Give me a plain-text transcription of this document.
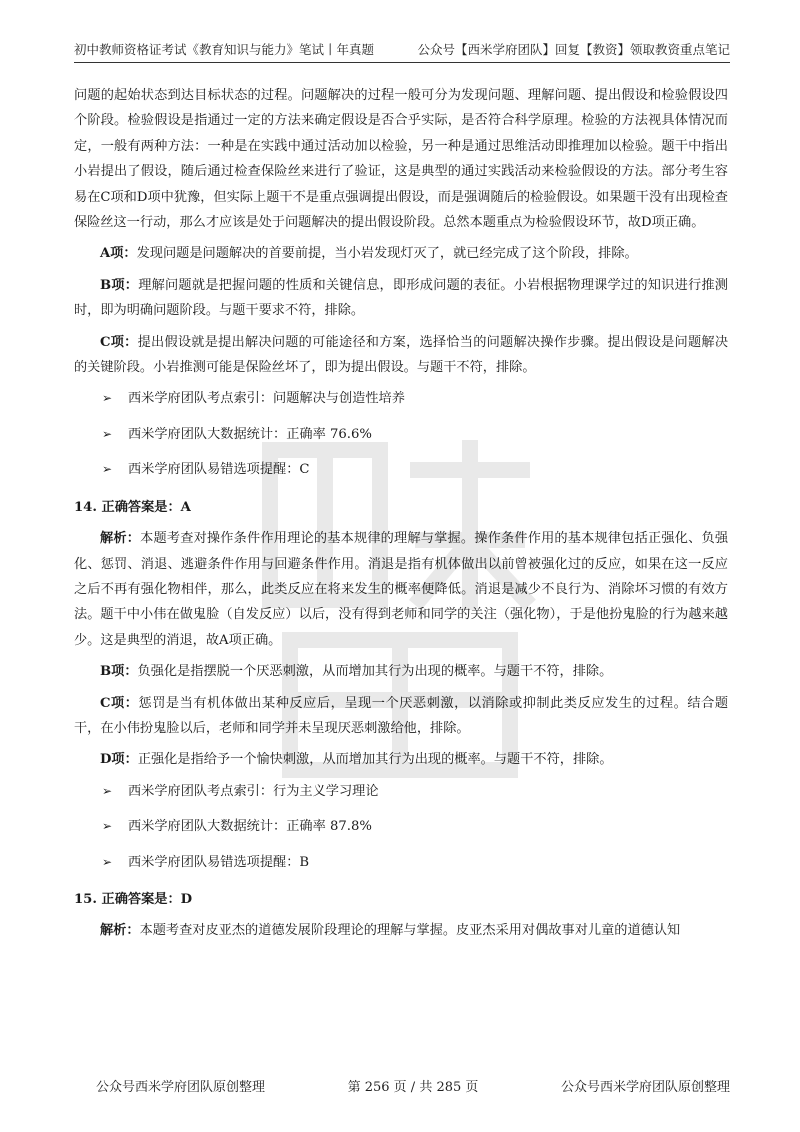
初中教师资格证考试《教育知识与能力》笔试丨年真题	公众号【西米学府团队】回复【教资】领取教资重点笔记

问题的起始状态到达目标状态的过程。问题解决的过程一般可分为发现问题、理解问题、提出假设和检验假设四个阶段。检验假设是指通过一定的方法来确定假设是否合乎实际，是否符合科学原理。检验的方法视具体情况而定，一般有两种方法：一种是在实践中通过活动加以检验，另一种是通过思维活动即推理加以检验。题干中指出小岩提出了假设，随后通过检查保险丝来进行了验证，这是典型的通过实践活动来检验假设的方法。部分考生容易在C项和D项中犹豫，但实际上题干不是重点强调提出假设，而是强调随后的检验假设。如果题干没有出现检查保险丝这一行动，那么才应该是处于问题解决的提出假设阶段。总然本题重点为检验假设环节，故D项正确。

A项：发现问题是问题解决的首要前提，当小岩发现灯灭了，就已经完成了这个阶段，排除。

B项：理解问题就是把握问题的性质和关键信息，即形成问题的表征。小岩根据物理课学过的知识进行推测时，即为明确问题阶段。与题干要求不符，排除。

C项：提出假设就是提出解决问题的可能途径和方案，选择恰当的问题解决操作步骤。提出假设是问题解决的关键阶段。小岩推测可能是保险丝坏了，即为提出假设。与题干不符，排除。

➢	西米学府团队考点索引：问题解决与创造性培养
➢	西米学府团队大数据统计：正确率 76.6%
➢	西米学府团队易错选项提醒：C
14. 正确答案是：A

解析：本题考查对操作条件作用理论的基本规律的理解与掌握。操作条件作用的基本规律包括正强化、负强化、惩罚、消退、逃避条件作用与回避条件作用。消退是指有机体做出以前曾被强化过的反应，如果在这一反应之后不再有强化物相伴，那么，此类反应在将来发生的概率便降低。消退是减少不良行为、消除坏习惯的有效方法。题干中小伟在做鬼脸（自发反应）以后，没有得到老师和同学的关注（强化物），于是他扮鬼脸的行为越来越少。这是典型的消退，故A项正确。

B项：负强化是指摆脱一个厌恶刺激，从而增加其行为出现的概率。与题干不符，排除。

C项：惩罚是当有机体做出某种反应后，呈现一个厌恶刺激，以消除或抑制此类反应发生的过程。结合题干，在小伟扮鬼脸以后，老师和同学并未呈现厌恶刺激给他，排除。

D项：正强化是指给予一个愉快刺激，从而增加其行为出现的概率。与题干不符，排除。

➢	西米学府团队考点索引：行为主义学习理论
➢	西米学府团队大数据统计：正确率 87.8%
➢	西米学府团队易错选项提醒：B
15. 正确答案是：D

解析：本题考查对皮亚杰的道德发展阶段理论的理解与掌握。皮亚杰采用对偶故事对儿童的道德认知

公众号西米学府团队原创整理	第 256 页 / 共 285 页	公众号西米学府团队原创整理
